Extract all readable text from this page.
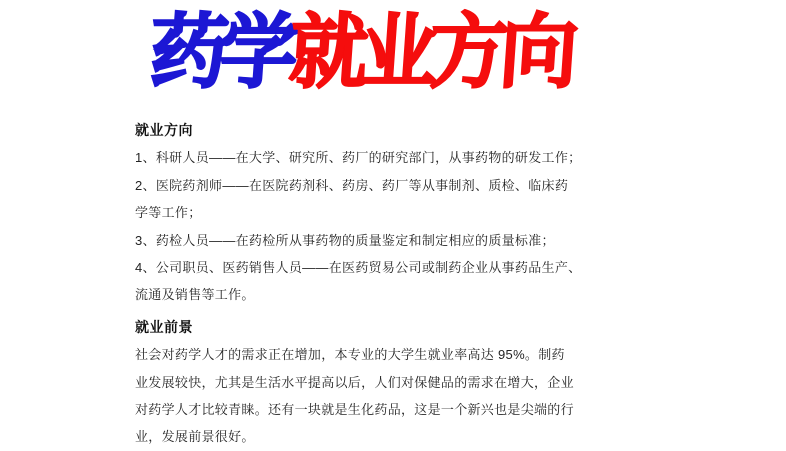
药学就业方向
就业方向
1、科研人员——在大学、研究所、药厂的研究部门，从事药物的研发工作；
2、医院药剂师——在医院药剂科、药房、药厂等从事制剂、质检、临床药
学等工作；
3、药检人员——在药检所从事药物的质量鉴定和制定相应的质量标准；
4、公司职员、医药销售人员——在医药贸易公司或制药企业从事药品生产、
流通及销售等工作。
就业前景
社会对药学人才的需求正在增加，本专业的大学生就业率高达 95%。制药
业发展较快，尤其是生活水平提高以后，人们对保健品的需求在增大，企业
对药学人才比较青睐。还有一块就是生化药品，这是一个新兴也是尖端的行
业，发展前景很好。
